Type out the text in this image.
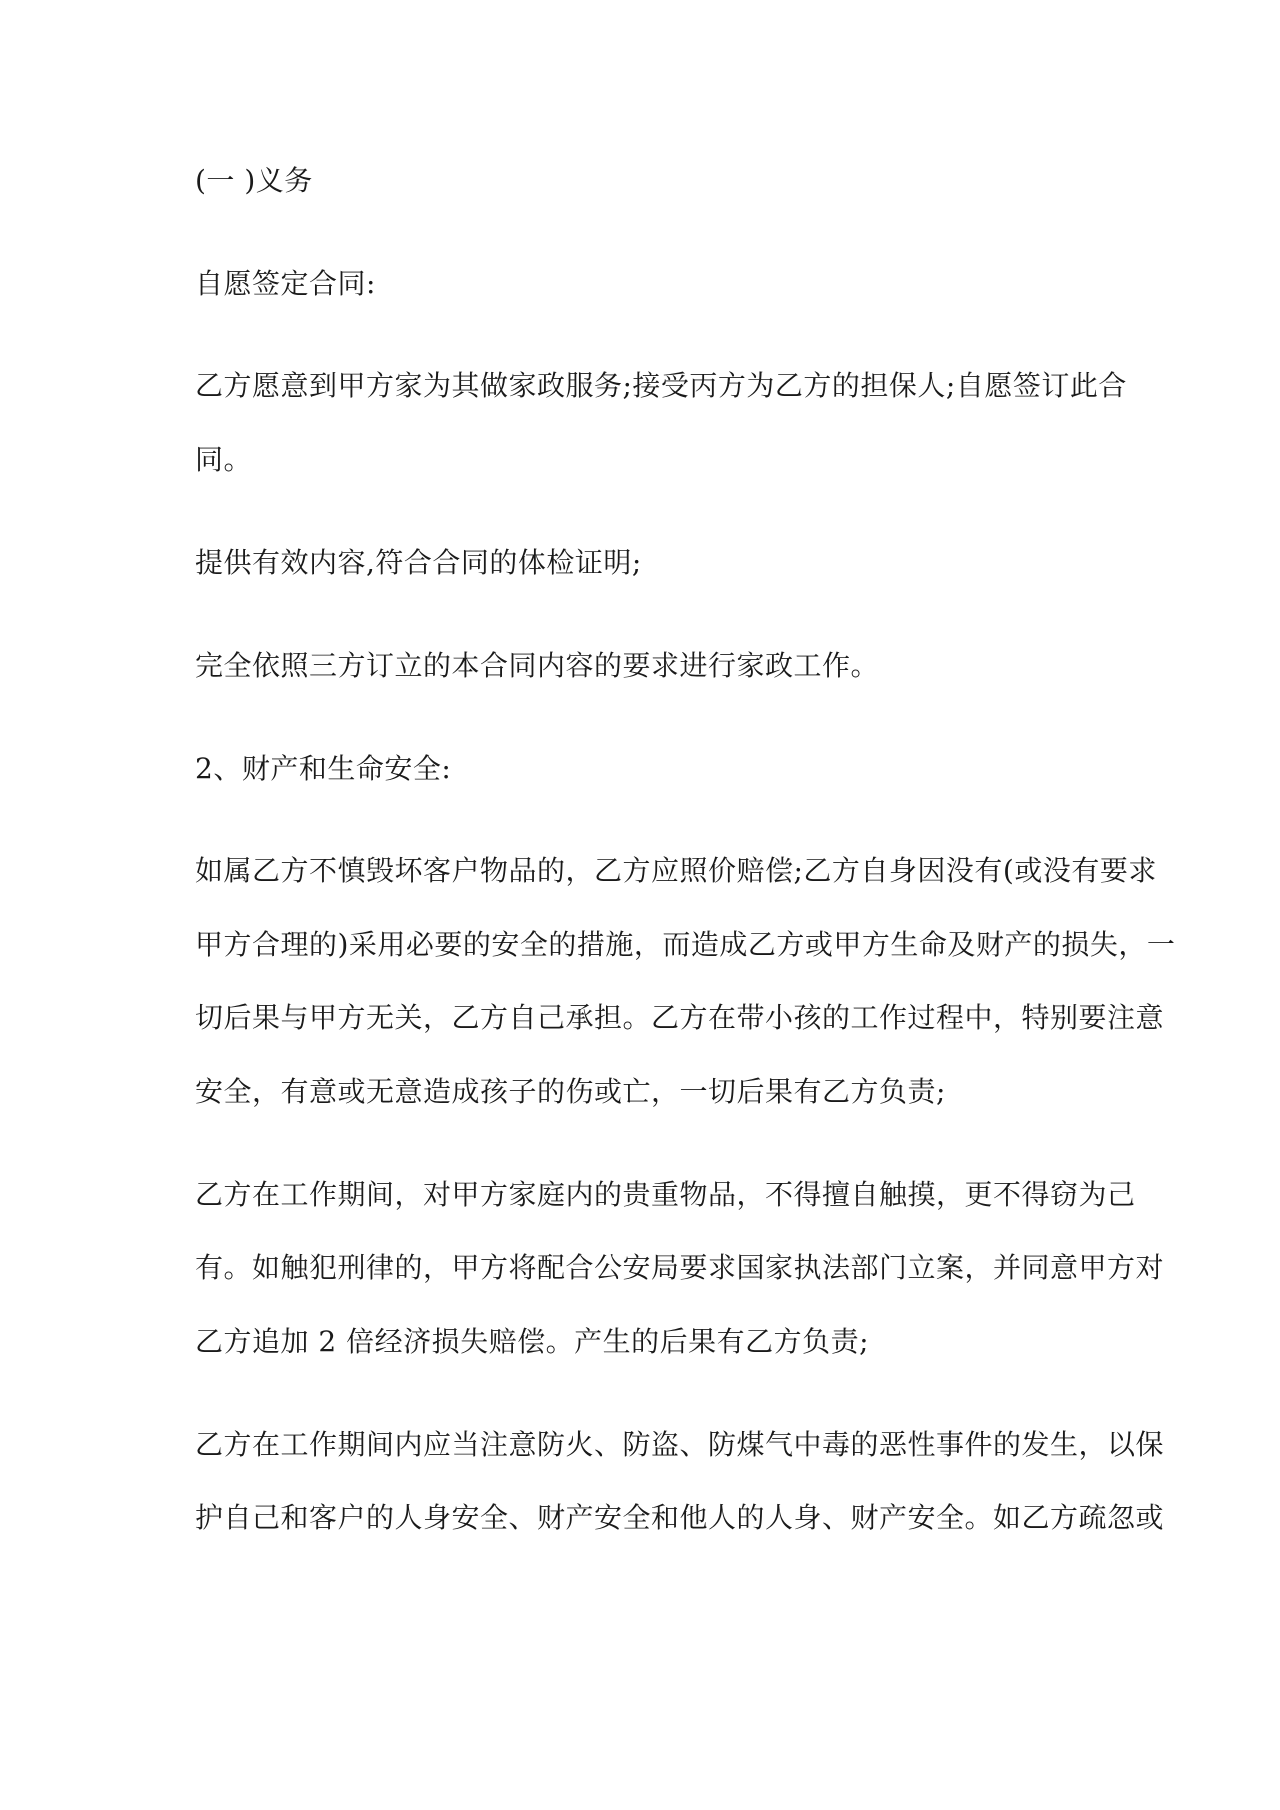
(一 )义务
自愿签定合同:
乙方愿意到甲方家为其做家政服务;接受丙方为乙方的担保人;自愿签订此合
同。
提供有效内容,符合合同的体检证明;
完全依照三方订立的本合同内容的要求进行家政工作。
2、财产和生命安全:
如属乙方不慎毁坏客户物品的，乙方应照价赔偿;乙方自身因没有(或没有要求
甲方合理的)采用必要的安全的措施，而造成乙方或甲方生命及财产的损失，一
切后果与甲方无关，乙方自己承担。乙方在带小孩的工作过程中，特别要注意
安全，有意或无意造成孩子的伤或亡，一切后果有乙方负责;
乙方在工作期间，对甲方家庭内的贵重物品，不得擅自触摸，更不得窃为己
有。如触犯刑律的，甲方将配合公安局要求国家执法部门立案，并同意甲方对
乙方追加 2 倍经济损失赔偿。产生的后果有乙方负责;
乙方在工作期间内应当注意防火、防盗、防煤气中毒的恶性事件的发生，以保
护自己和客户的人身安全、财产安全和他人的人身、财产安全。如乙方疏忽或
